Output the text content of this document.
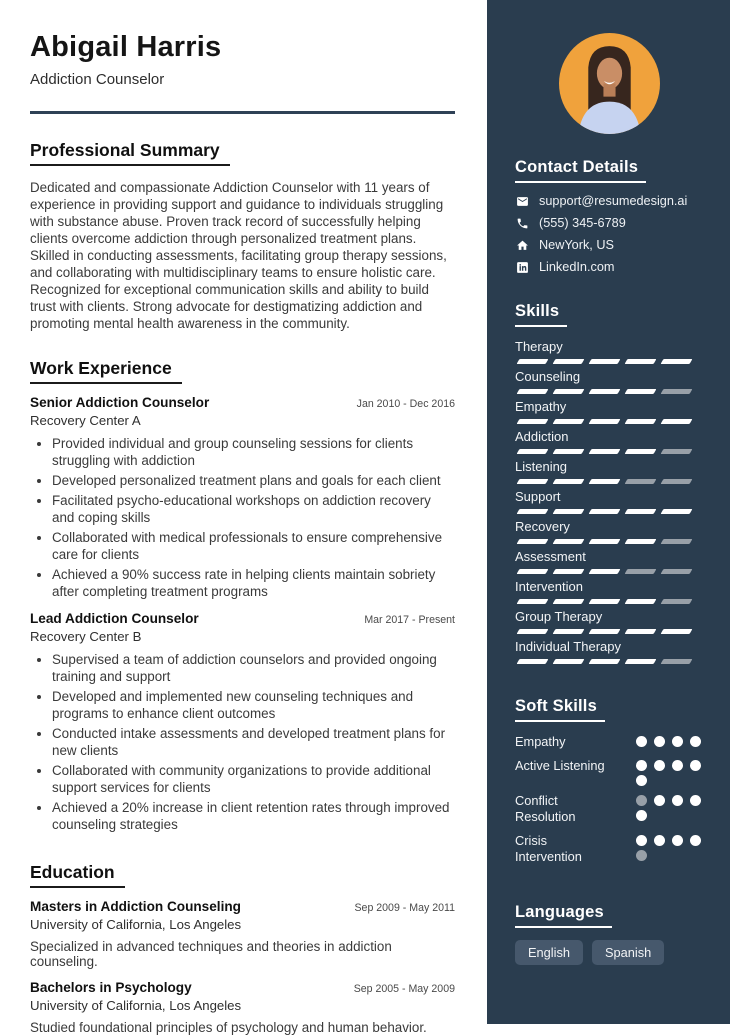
Abigail Harris
Addiction Counselor
Professional Summary

Dedicated and compassionate Addiction Counselor with 11 years of experience in providing support and guidance to individuals struggling with substance abuse. Proven track record of successfully helping clients overcome addiction through personalized treatment plans. Skilled in conducting assessments, facilitating group therapy sessions, and collaborating with multidisciplinary teams to ensure holistic care. Recognized for exceptional communication skills and ability to build trust with clients. Strong advocate for destigmatizing addiction and promoting mental health awareness in the community.

Work Experience
Senior Addiction Counselor	Jan 2010 - Dec 2016
Recovery Center A
• Provided individual and group counseling sessions for clients struggling with addiction
• Developed personalized treatment plans and goals for each client
• Facilitated psycho-educational workshops on addiction recovery and coping skills
• Collaborated with medical professionals to ensure comprehensive care for clients
• Achieved a 90% success rate in helping clients maintain sobriety after completing treatment programs
Lead Addiction Counselor	Mar 2017 - Present
Recovery Center B
• Supervised a team of addiction counselors and provided ongoing training and support
• Developed and implemented new counseling techniques and programs to enhance client outcomes
• Conducted intake assessments and developed treatment plans for new clients
• Collaborated with community organizations to provide additional support services for clients
• Achieved a 20% increase in client retention rates through improved counseling strategies
Education
Masters in Addiction Counseling	Sep 2009 - May 2011
University of California, Los Angeles

Specialized in advanced techniques and theories in addiction counseling.

Bachelors in Psychology	Sep 2005 - May 2009
University of California, Los Angeles

Studied foundational principles of psychology and human behavior.

Contact Details
support@resumedesign.ai
(555) 345-6789
NewYork, US
LinkedIn.com
Skills
Therapy
Counseling
Empathy
Addiction
Listening
Support
Recovery
Assessment
Intervention
Group Therapy
Individual Therapy
Soft Skills
Empathy
Active Listening
Conflict Resolution
Crisis Intervention
Languages
English	Spanish
